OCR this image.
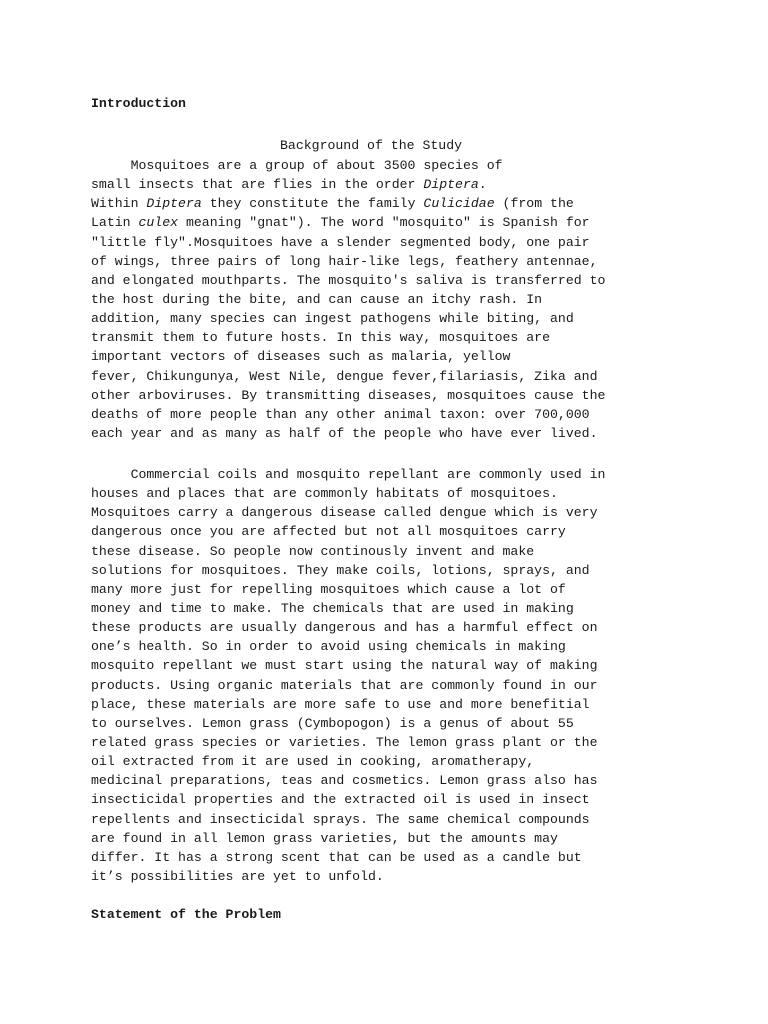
Introduction
Background of the Study
Mosquitoes are a group of about 3500 species of
small insects that are flies in the order Diptera.
Within Diptera they constitute the family Culicidae (from the
Latin culex meaning "gnat"). The word "mosquito" is Spanish for
"little fly".Mosquitoes have a slender segmented body, one pair
of wings, three pairs of long hair-like legs, feathery antennae,
and elongated mouthparts. The mosquito's saliva is transferred to
the host during the bite, and can cause an itchy rash. In
addition, many species can ingest pathogens while biting, and
transmit them to future hosts. In this way, mosquitoes are
important vectors of diseases such as malaria, yellow
fever, Chikungunya, West Nile, dengue fever,filariasis, Zika and
other arboviruses. By transmitting diseases, mosquitoes cause the
deaths of more people than any other animal taxon: over 700,000
each year and as many as half of the people who have ever lived.
Commercial coils and mosquito repellant are commonly used in
houses and places that are commonly habitats of mosquitoes.
Mosquitoes carry a dangerous disease called dengue which is very
dangerous once you are affected but not all mosquitoes carry
these disease. So people now continously invent and make
solutions for mosquitoes. They make coils, lotions, sprays, and
many more just for repelling mosquitoes which cause a lot of
money and time to make. The chemicals that are used in making
these products are usually dangerous and has a harmful effect on
one’s health. So in order to avoid using chemicals in making
mosquito repellant we must start using the natural way of making
products. Using organic materials that are commonly found in our
place, these materials are more safe to use and more benefitial
to ourselves. Lemon grass (Cymbopogon) is a genus of about 55
related grass species or varieties. The lemon grass plant or the
oil extracted from it are used in cooking, aromatherapy,
medicinal preparations, teas and cosmetics. Lemon grass also has
insecticidal properties and the extracted oil is used in insect
repellents and insecticidal sprays. The same chemical compounds
are found in all lemon grass varieties, but the amounts may
differ. It has a strong scent that can be used as a candle but
it’s possibilities are yet to unfold.
Statement of the Problem
